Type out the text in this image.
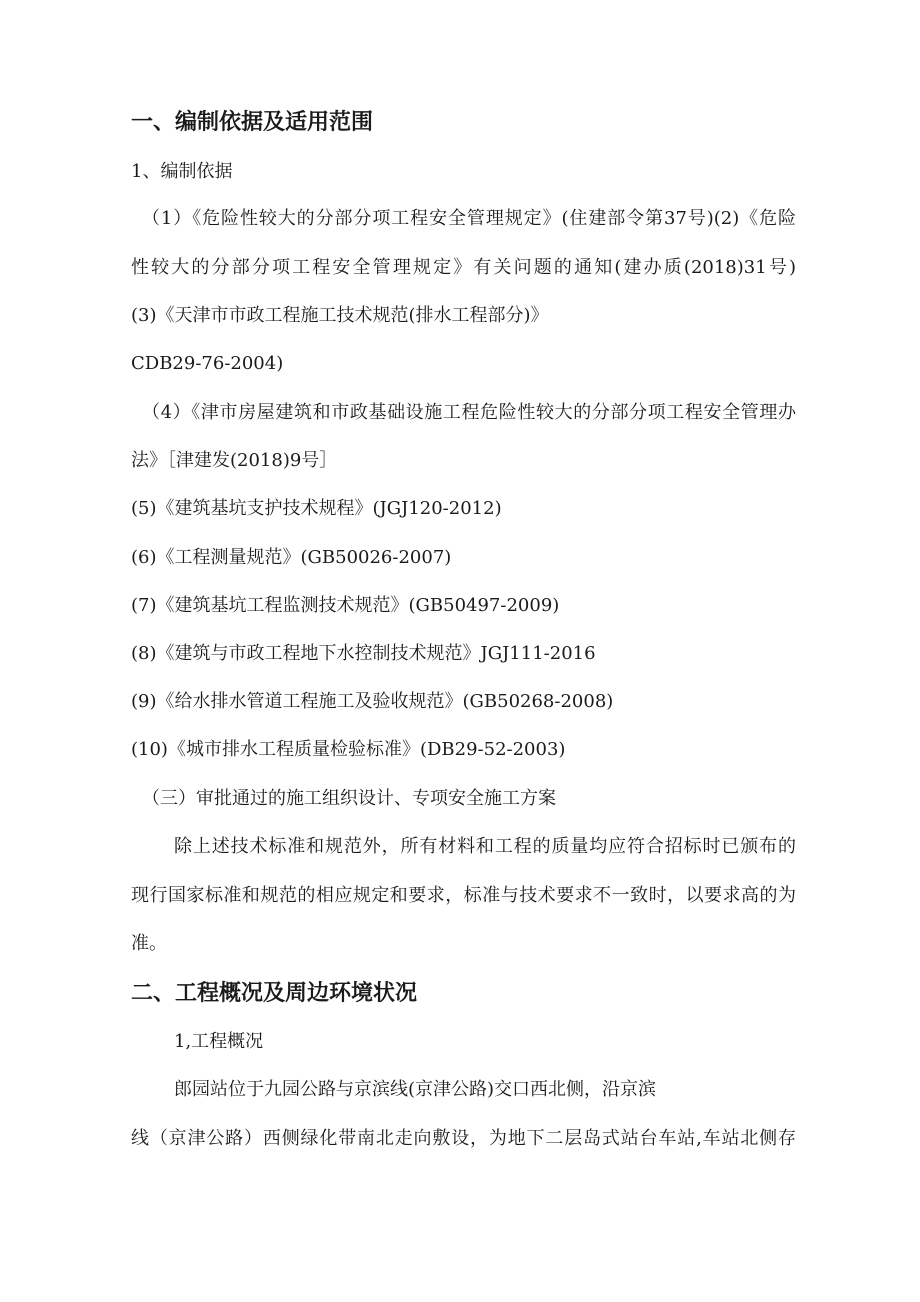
一、编制依据及适用范围
1、编制依据
（1）《危险性较大的分部分项工程安全管理规定》(住建部令第37号)(2)《危险
性较大的分部分项工程安全管理规定》有关问题的通知(建办质(2018)31号)
(3)《天津市市政工程施工技术规范(排水工程部分)》
CDB29-76-2004)
（4）《津市房屋建筑和市政基础设施工程危险性较大的分部分项工程安全管理办
法》［津建发(2018)9号］
(5)《建筑基坑支护技术规程》(JGJ120-2012)
(6)《工程测量规范》(GB50026-2007)
(7)《建筑基坑工程监测技术规范》(GB50497-2009)
(8)《建筑与市政工程地下水控制技术规范》JGJ111-2016
(9)《给水排水管道工程施工及验收规范》(GB50268-2008)
(10)《城市排水工程质量检验标准》(DB29-52-2003)
（三）审批通过的施工组织设计、专项安全施工方案
除上述技术标准和规范外，所有材料和工程的质量均应符合招标时已颁布的
现行国家标准和规范的相应规定和要求，标准与技术要求不一致时，以要求高的为
准。
二、工程概况及周边环境状况
1,工程概况
郎园站位于九园公路与京滨线(京津公路)交口西北侧，沿京滨
线（京津公路）西侧绿化带南北走向敷设，为地下二层岛式站台车站,车站北侧存
